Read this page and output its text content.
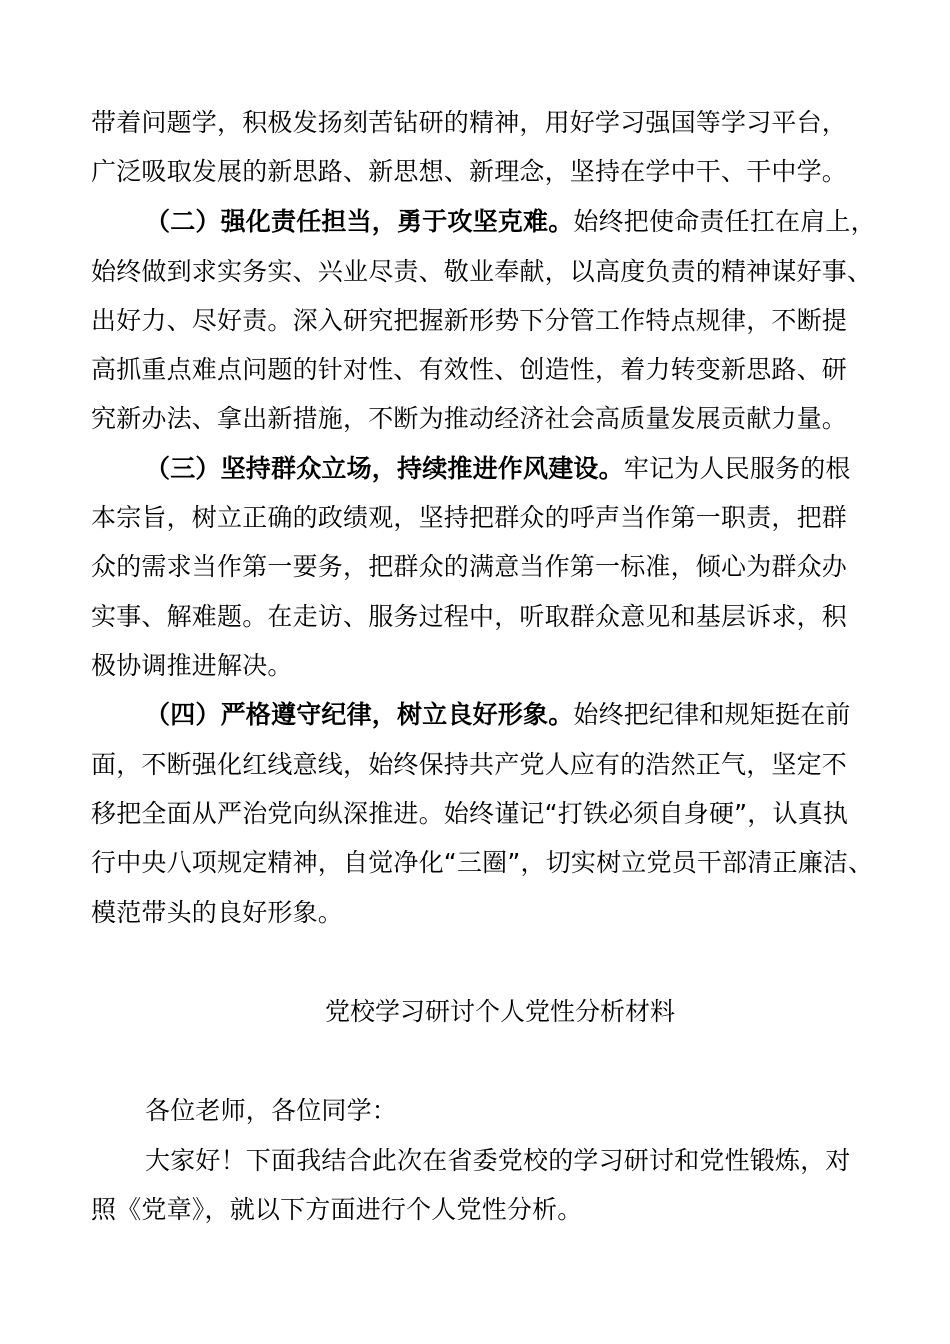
带着问题学，积极发扬刻苦钻研的精神，用好学习强国等学习平台，
广泛吸取发展的新思路、新思想、新理念，坚持在学中干、干中学。
（二）强化责任担当，勇于攻坚克难。始终把使命责任扛在肩上，
始终做到求实务实、兴业尽责、敬业奉献，以高度负责的精神谋好事、
出好力、尽好责。深入研究把握新形势下分管工作特点规律，不断提
高抓重点难点问题的针对性、有效性、创造性，着力转变新思路、研
究新办法、拿出新措施，不断为推动经济社会高质量发展贡献力量。
（三）坚持群众立场，持续推进作风建设。牢记为人民服务的根
本宗旨，树立正确的政绩观，坚持把群众的呼声当作第一职责，把群
众的需求当作第一要务，把群众的满意当作第一标准，倾心为群众办
实事、解难题。在走访、服务过程中，听取群众意见和基层诉求，积
极协调推进解决。
（四）严格遵守纪律，树立良好形象。始终把纪律和规矩挺在前
面，不断强化红线意线，始终保持共产党人应有的浩然正气，坚定不
移把全面从严治党向纵深推进。始终谨记“打铁必须自身硬”，认真执
行中央八项规定精神，自觉净化“三圈”，切实树立党员干部清正廉洁、
模范带头的良好形象。
党校学习研讨个人党性分析材料
各位老师，各位同学：
大家好！下面我结合此次在省委党校的学习研讨和党性锻炼，对
照《党章》，就以下方面进行个人党性分析。
